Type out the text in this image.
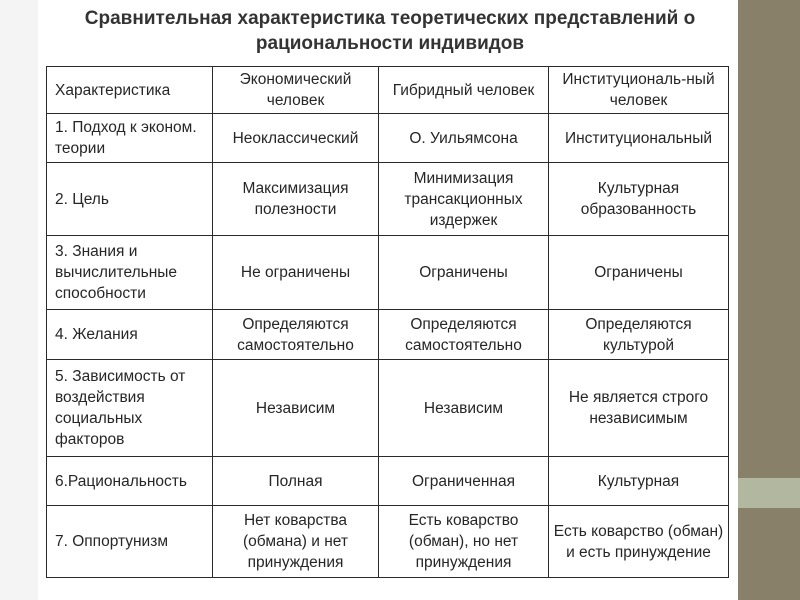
Сравнительная характеристика теоретических представлений о
рациональности индивидов
Характеристика	Экономический человек	Гибридный человек	Институциональ-ный человек
1. Подход к эконом. теории	Неоклассический	О. Уильямсона	Институциональный
2. Цель	Максимизация полезности	Минимизация трансакционных издержек	Культурная образованность
3. Знания и вычислительные способности	Не ограничены	Ограничены	Ограничены
4. Желания	Определяются самостоятельно	Определяются самостоятельно	Определяются культурой
5. Зависимость от воздействия социальных факторов	Независим	Независим	Не является строго независимым
6.Рациональность	Полная	Ограниченная	Культурная
7. Оппортунизм	Нет коварства (обмана) и нет принуждения	Есть коварство (обман), но нет принуждения	Есть коварство (обман) и есть принуждение
